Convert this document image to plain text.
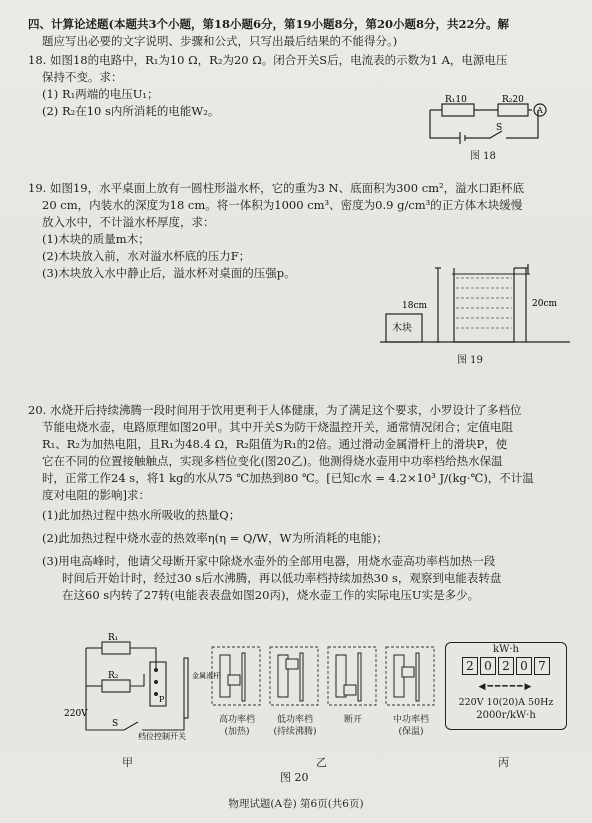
四、计算论述题(本题共3个小题，第18小题6分，第19小题8分，第20小题8分，共22分。解

题应写出必要的文字说明、步骤和公式，只写出最后结果的不能得分。)

18. 如图18的电路中，R₁为10 Ω，R₂为20 Ω。闭合开关S后，电流表的示数为1 A，电源电压

保持不变。求：

(1) R₁两端的电压U₁；

(2) R₂在10 s内所消耗的电能W₂。

R₁10	R₂20
A
S
图 18

19. 如图19，水平桌面上放有一圆柱形溢水杯，它的重为3 N、底面积为300 cm²，溢水口距杯底

20 cm，内装水的深度为18 cm。将一体积为1000 cm³、密度为0.9 g/cm³的正方体木块缓慢

放入水中，不计溢水杯厚度，求：

(1)木块的质量m木；

(2)木块放入前，水对溢水杯底的压力F；

(3)木块放入水中静止后，溢水杯对桌面的压强p。

18cm	20cm
木块
图 19

20. 水烧开后持续沸腾一段时间用于饮用更利于人体健康，为了满足这个要求，小罗设计了多档位

节能电烧水壶，电路原理如图20甲。其中开关S为防干烧温控开关，通常情况闭合；定值电阻

R₁、R₂为加热电阻，且R₁为48.4 Ω，R₂阻值为R₁的2倍。通过滑动金属滑杆上的滑块P，使

它在不同的位置接触触点，实现多档位变化(图20乙)。他测得烧水壶用中功率档给热水保温

时，正常工作24 s，将1 kg的水从75 ℃加热到80 ℃。[已知c水 = 4.2×10³ J/(kg·℃)，不计温

度对电阻的影响]求：

(1)此加热过程中热水所吸收的热量Q；

(2)此加热过程中烧水壶的热效率η(η = Q/W，W为所消耗的电能)；

(3)用电高峰时，他请父母断开家中除烧水壶外的全部用电器，用烧水壶高功率档加热一段

时间后开始计时，经过30 s后水沸腾，再以低功率档持续加热30 s，观察到电能表转盘

在这60 s内转了27转(电能表表盘如图20丙)，烧水壶工作的实际电压U实是多少。

R₁
R₂
P
金属滑杆
220V
S
档位控制开关
高功率档
(加热)
低功率档
(持续沸腾)
断开	中功率档
(保温)
kW·h
2 0 2 0 7
◀━━━━━▶
220V 10(20)A 50Hz
2000r/kW·h
甲	乙	丙
图 20
物理试题(A卷) 第6页(共6页)
